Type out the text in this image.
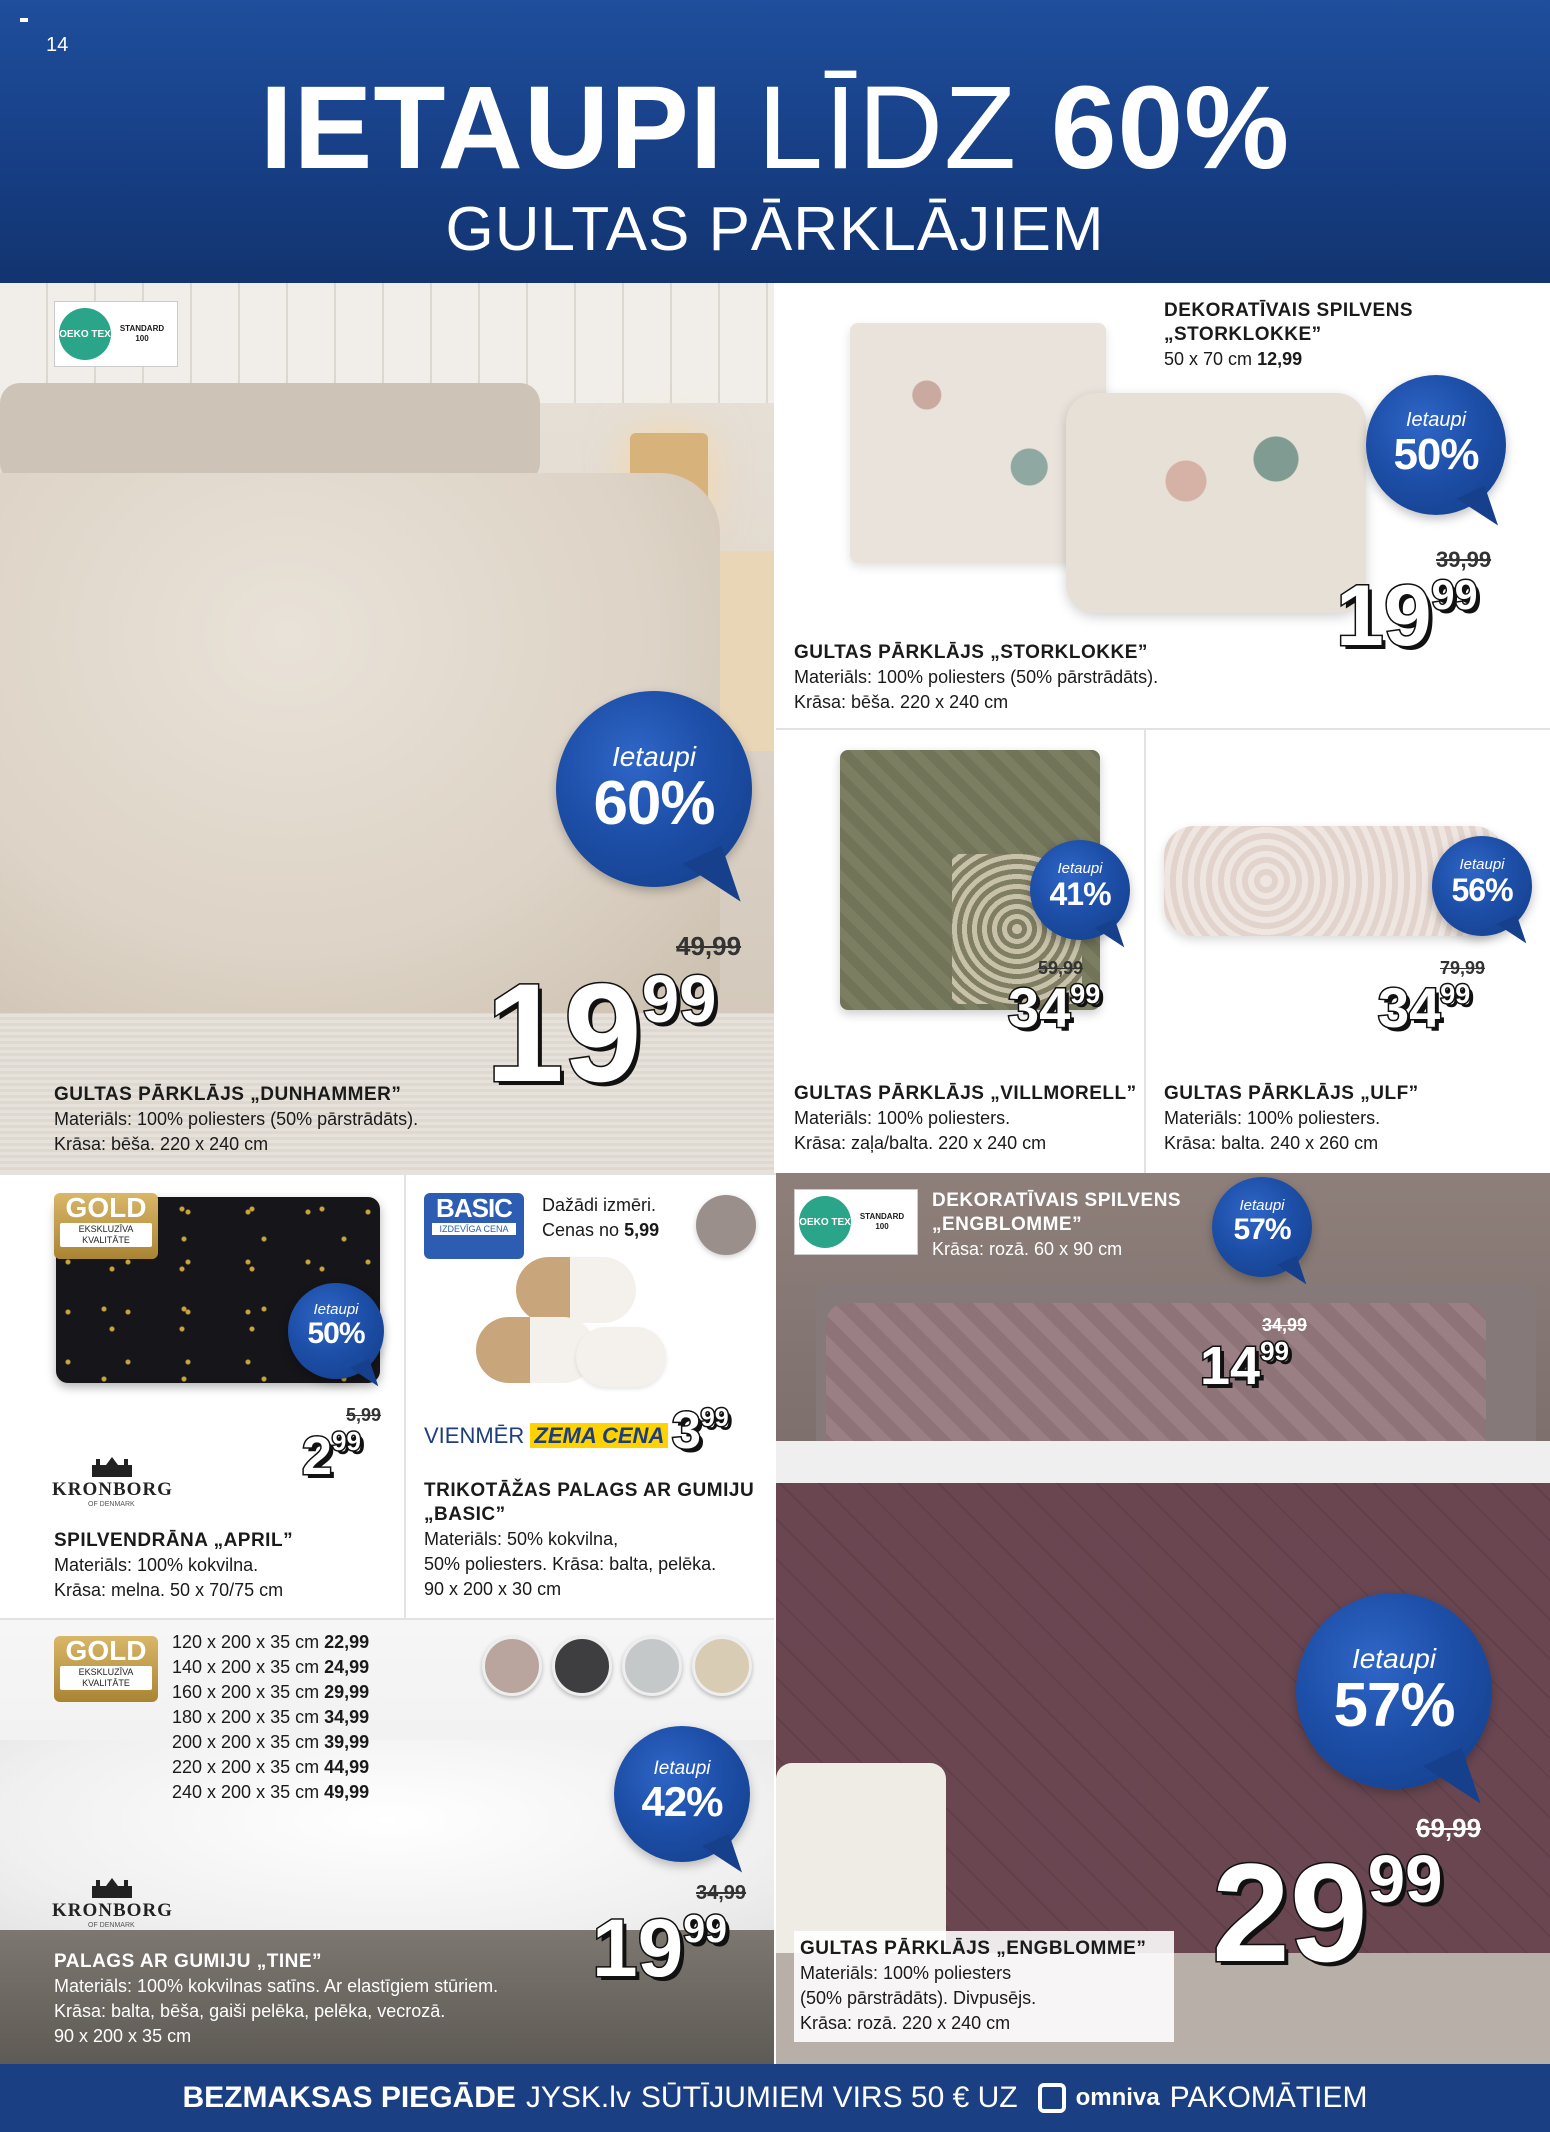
14
IETAUPI LĪDZ 60%
GULTAS PĀRKLĀJIEM
OEKO TEX	STANDARD
100
Ietaupi
60%
49,99
$19^{99}$
GULTAS PĀRKLĀJS „DUNHAMMER”
Materiāls: 100% poliesters (50% pārstrādāts).
Krāsa: bēša. 220 x 240 cm
DEKORATĪVAIS SPILVENS
„STORKLOKKE”
50 x 70 cm 12,99
Ietaupi
50%
39,99
$19^{99}$
GULTAS PĀRKLĀJS „STORKLOKKE”
Materiāls: 100% poliesters (50% pārstrādāts).
Krāsa: bēša. 220 x 240 cm
Ietaupi
41%
59,99
$34^{99}$
GULTAS PĀRKLĀJS „VILLMORELL”
Materiāls: 100% poliesters.
Krāsa: zaļa/balta. 220 x 240 cm
Ietaupi
56%
79,99
$34^{99}$
GULTAS PĀRKLĀJS „ULF”
Materiāls: 100% poliesters.
Krāsa: balta. 240 x 260 cm
GOLD
EKSKLUZĪVA KVALITĀTE
Ietaupi
50%
5,99
$2^{99}$
KRONBORG
OF DENMARK
SPILVENDRĀNA „APRIL”
Materiāls: 100% kokvilna.
Krāsa: melna. 50 x 70/75 cm
BASIC
IZDEVĪGA CENA
Dažādi izmēri.
Cenas no 5,99
VIENMĒR ZEMA CENA $3^{99}$
TRIKOTĀŽAS PALAGS AR GUMIJU
„BASIC”
Materiāls: 50% kokvilna,
50% poliesters. Krāsa: balta, pelēka.
90 x 200 x 30 cm
OEKO TEX	STANDARD
100
DEKORATĪVAIS SPILVENS
„ENGBLOMME”
Krāsa: rozā. 60 x 90 cm
Ietaupi
57%
34,99
$14^{99}$
Ietaupi
57%
69,99
$29^{99}$
GULTAS PĀRKLĀJS „ENGBLOMME”
Materiāls: 100% poliesters
(50% pārstrādāts). Divpusējs.
Krāsa: rozā. 220 x 240 cm
GOLD
EKSKLUZĪVA KVALITĀTE
120 x 200 x 35 cm 22,99
140 x 200 x 35 cm 24,99
160 x 200 x 35 cm 29,99
180 x 200 x 35 cm 34,99
200 x 200 x 35 cm 39,99
220 x 200 x 35 cm 44,99
240 x 200 x 35 cm 49,99
Ietaupi
42%
34,99
$19^{99}$
KRONBORG
OF DENMARK
PALAGS AR GUMIJU „TINE”
Materiāls: 100% kokvilnas satīns. Ar elastīgiem stūriem.
Krāsa: balta, bēša, gaiši pelēka, pelēka, vecrozā.
90 x 200 x 35 cm
BEZMAKSAS PIEGĀDE JYSK.lv SŪTĪJUMIEM VIRS 50 € UZ omniva PAKOMĀTIEM
